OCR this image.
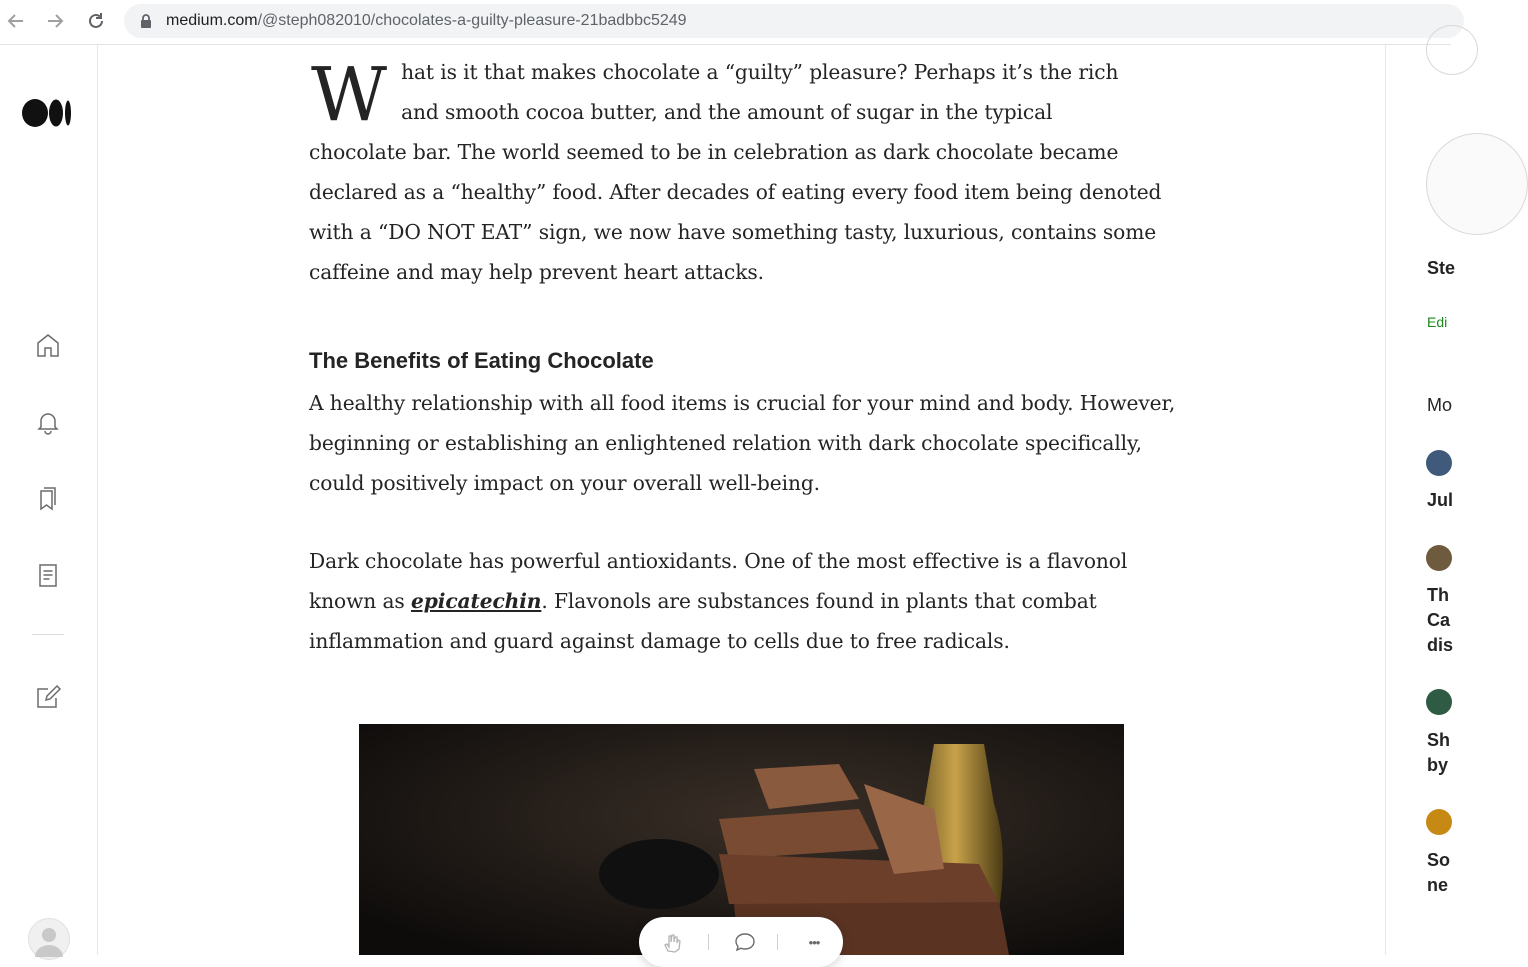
medium.com/@steph082010/chocolates-a-guilty-pleasure-21badbbc5249
W hat is it that makes chocolate a “guilty” pleasure? Perhaps it’s the rich

and smooth cocoa butter, and the amount of sugar in the typical

chocolate bar. The world seemed to be in celebration as dark chocolate became declared as a “healthy” food. After decades of eating every food item being denoted with a “DO NOT EAT” sign, we now have something tasty, luxurious, contains some caffeine and may help prevent heart attacks.

The Benefits of Eating Chocolate

A healthy relationship with all food items is crucial for your mind and body. However, beginning or establishing an enlightened relation with dark chocolate specifically, could positively impact on your overall well-being.

Dark chocolate has powerful antioxidants. One of the most effective is a flavonol known as epicatechin. Flavonols are substances found in plants that combat inflammation and guard against damage to cells due to free radicals.

•••
Ste
Edi
Mo
Jul
Th
Ca
dis
Sh
by
So
ne
